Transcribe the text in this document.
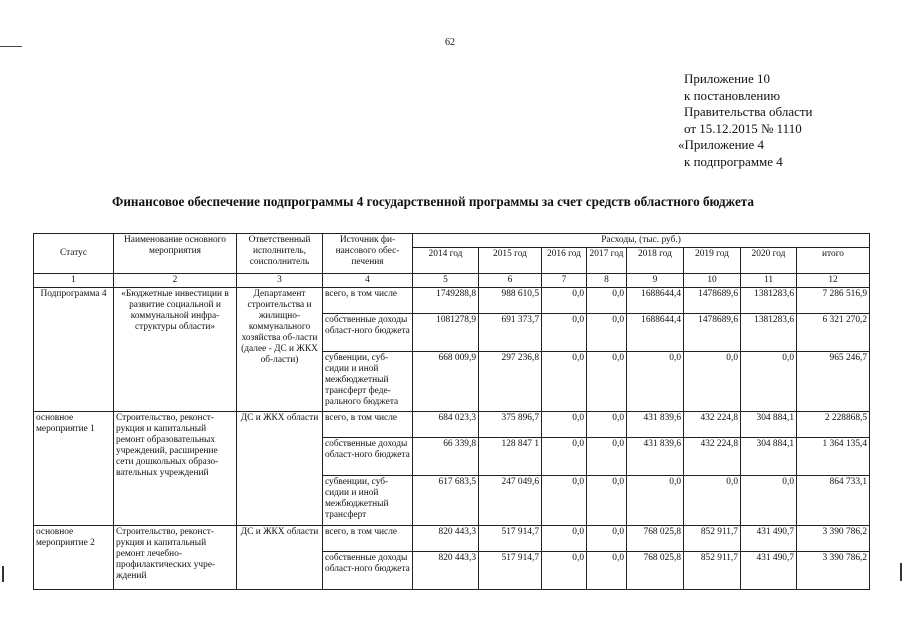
62
Приложение 10
к постановлению
Правительства области
от 15.12.2015 № 1110
«Приложение 4
к подпрограмме 4
Финансовое обеспечение подпрограммы 4 государственной программы за счет средств областного бюджета
Статус	Наименование основного мероприятия	Ответственный исполнитель, соисполнитель	Источник фи-нансового обес-печения	Расходы, (тыс. руб.)							
				2014 год	2015 год	2016 год	2017 год	2018 год	2019 год	2020 год	итого
1	2	3	4	5	6	7	8	9	10	11	12
Подпрограмма 4	«Бюджетные инвестиции в развитие социальной и коммунальной инфра-структуры области»	Департамент строительства и жилищно-коммунального хозяйства об-ласти (далее - ДС и ЖКХ об-ласти)	всего, в том числе	1749288,8	988 610,5	0,0	0,0	1688644,4	1478689,6	1381283,6	7 286 516,9
			собственные доходы област-ного бюджета	1081278,9	691 373,7	0,0	0,0	1688644,4	1478689,6	1381283,6	6 321 270,2
			субвенции, суб-сидии и иной межбюджетный трансферт феде-рального бюджета	668 009,9	297 236,8	0,0	0,0	0,0	0,0	0,0	965 246,7
основное мероприятие 1	Строительство, реконст-рукция и капитальный ремонт образовательных учреждений, расширение сети дошкольных образо-вательных учреждений	ДС и ЖКХ области	всего, в том числе	684 023,3	375 896,7	0,0	0,0	431 839,6	432 224,8	304 884,1	2 228868,5
			собственные доходы област-ного бюджета	66 339,8	128 847 1	0,0	0,0	431 839,6	432 224,8	304 884,1	1 364 135,4
			субвенции, суб-сидии и иной межбюджетный трансферт	617 683,5	247 049,6	0,0	0,0	0,0	0,0	0,0	864 733,1
основное мероприятие 2	Строительство, реконст-рукция и капитальный ремонт лечебно-профилактических учре-ждений	ДС и ЖКХ области	всего, в том числе	820 443,3	517 914,7	0,0	0,0	768 025,8	852 911,7	431 490,7	3 390 786,2
			собственные доходы област-ного бюджета	820 443,3	517 914,7	0,0	0,0	768 025,8	852 911,7	431 490,7	3 390 786,2
